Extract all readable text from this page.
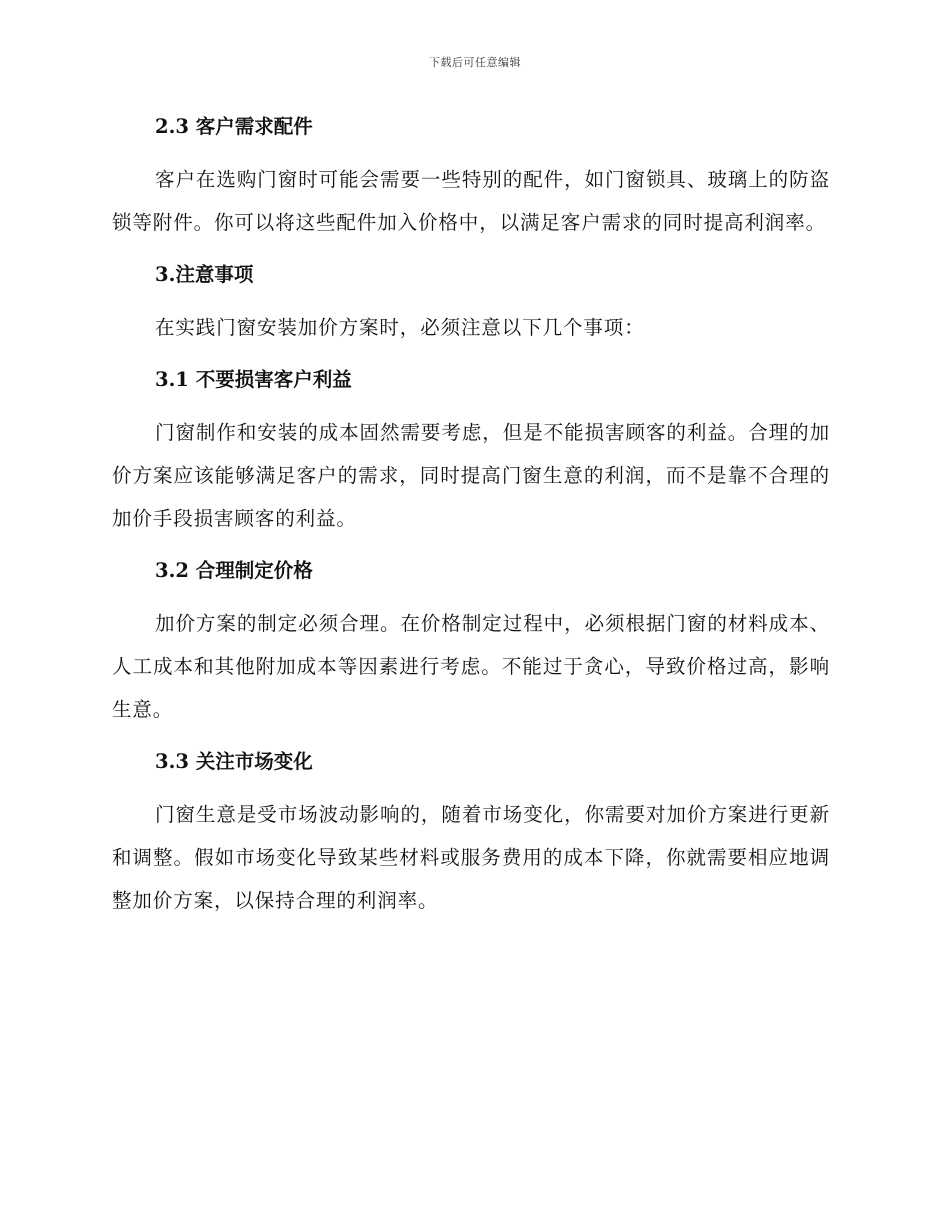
下载后可任意编辑
2.3 客户需求配件

客户在选购门窗时可能会需要一些特别的配件，如门窗锁具、玻璃上的防盗锁等附件。你可以将这些配件加入价格中，以满足客户需求的同时提高利润率。

3.注意事项

在实践门窗安装加价方案时，必须注意以下几个事项：

3.1 不要损害客户利益

门窗制作和安装的成本固然需要考虑，但是不能损害顾客的利益。合理的加价方案应该能够满足客户的需求，同时提高门窗生意的利润，而不是靠不合理的加价手段损害顾客的利益。

3.2 合理制定价格

加价方案的制定必须合理。在价格制定过程中，必须根据门窗的材料成本、人工成本和其他附加成本等因素进行考虑。不能过于贪心，导致价格过高，影响生意。

3.3 关注市场变化

门窗生意是受市场波动影响的，随着市场变化，你需要对加价方案进行更新和调整。假如市场变化导致某些材料或服务费用的成本下降，你就需要相应地调整加价方案，以保持合理的利润率。
